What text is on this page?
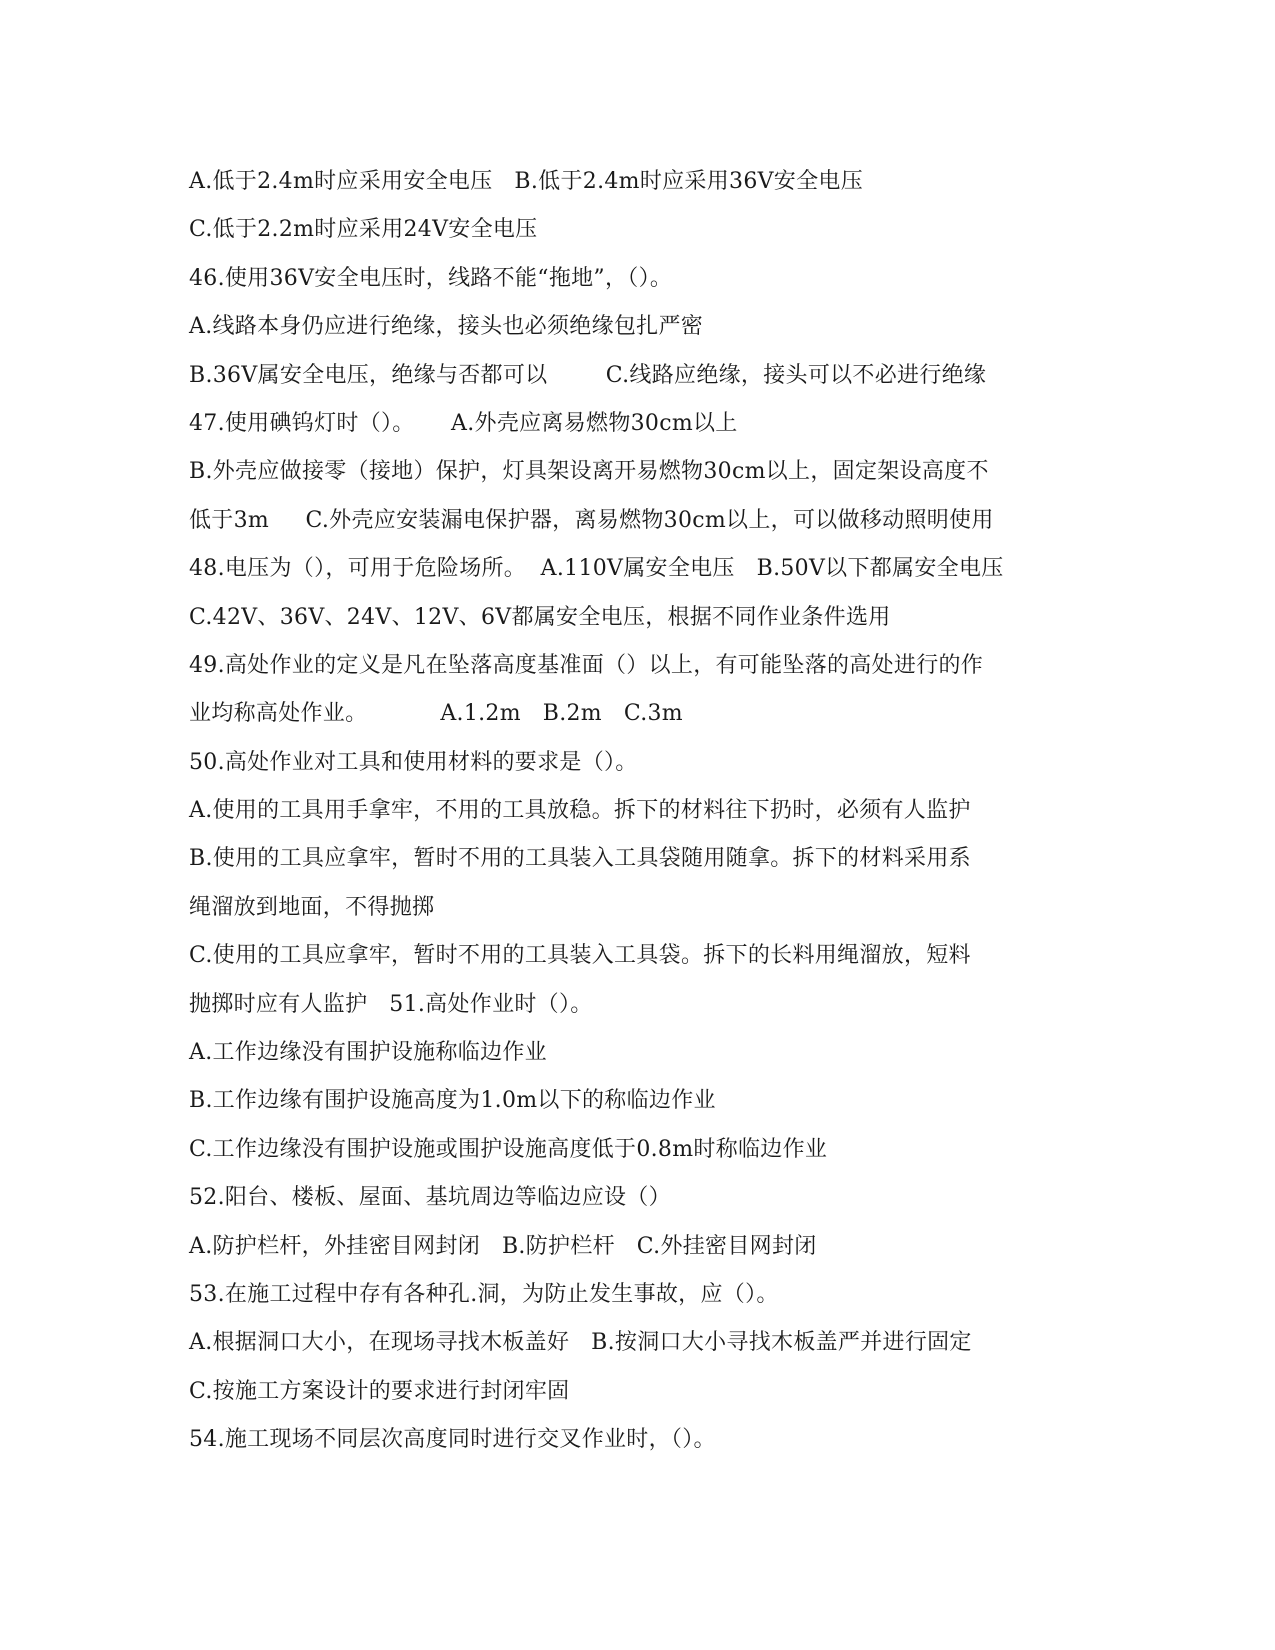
A.低于2.4m时应采用安全电压   B.低于2.4m时应采用36V安全电压
C.低于2.2m时应采用24V安全电压
46.使用36V安全电压时，线路不能“拖地”，（）。
A.线路本身仍应进行绝缘，接头也必须绝缘包扎严密
B.36V属安全电压，绝缘与否都可以        C.线路应绝缘，接头可以不必进行绝缘
47.使用碘钨灯时（）。     A.外壳应离易燃物30cm以上
B.外壳应做接零（接地）保护，灯具架设离开易燃物30cm以上，固定架设高度不
低于3m     C.外壳应安装漏电保护器，离易燃物30cm以上，可以做移动照明使用
48.电压为（），可用于危险场所。  A.110V属安全电压   B.50V以下都属安全电压
C.42V、36V、24V、12V、6V都属安全电压，根据不同作业条件选用
49.高处作业的定义是凡在坠落高度基准面（）以上，有可能坠落的高处进行的作
业均称高处作业。          A.1.2m   B.2m   C.3m
50.高处作业对工具和使用材料的要求是（）。
A.使用的工具用手拿牢，不用的工具放稳。拆下的材料往下扔时，必须有人监护
B.使用的工具应拿牢，暂时不用的工具装入工具袋随用随拿。拆下的材料采用系
绳溜放到地面，不得抛掷
C.使用的工具应拿牢，暂时不用的工具装入工具袋。拆下的长料用绳溜放，短料
抛掷时应有人监护   51.高处作业时（）。
A.工作边缘没有围护设施称临边作业
B.工作边缘有围护设施高度为1.0m以下的称临边作业
C.工作边缘没有围护设施或围护设施高度低于0.8m时称临边作业
52.阳台、楼板、屋面、基坑周边等临边应设（）
A.防护栏杆，外挂密目网封闭   B.防护栏杆   C.外挂密目网封闭
53.在施工过程中存有各种孔.洞，为防止发生事故，应（）。
A.根据洞口大小，在现场寻找木板盖好   B.按洞口大小寻找木板盖严并进行固定
C.按施工方案设计的要求进行封闭牢固
54.施工现场不同层次高度同时进行交叉作业时，（）。
